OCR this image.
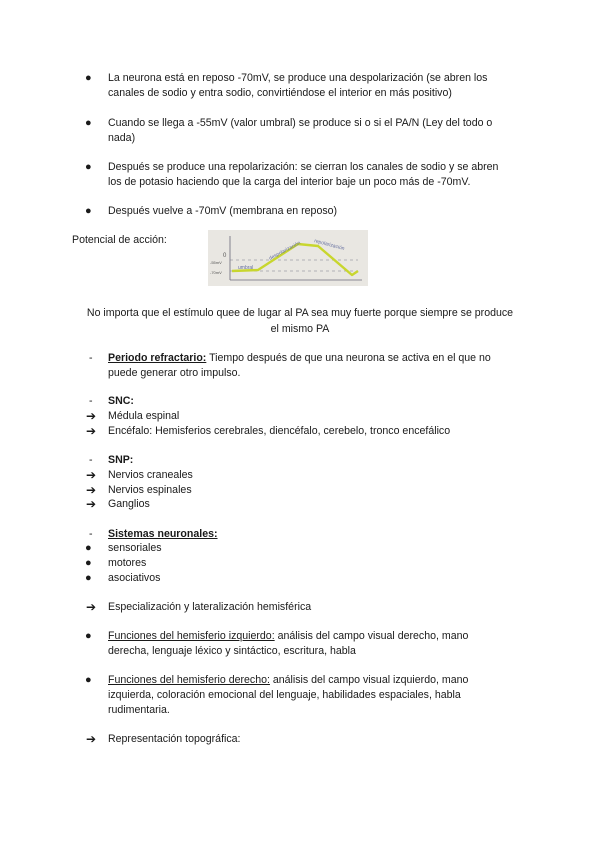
● La neurona está en reposo -70mV, se produce una despolarización (se abren los
canales de sodio y entra sodio, convirtiéndose el interior en más positivo)
● Cuando se llega a -55mV (valor umbral) se produce si o si el PA/N (Ley del todo o
nada)
● Después se produce una repolarización: se cierran los canales de sodio y se abren
los de potasio haciendo que la carga del interior baje un poco más de -70mV.
● Después vuelve a -70mV (membrana en reposo)
Potencial de acción:
0
-55mV
-70mV
despolarización repolarización
umbral
No importa que el estímulo quee de lugar al PA sea muy fuerte porque siempre se produce
el mismo PA
- Periodo refractario: Tiempo después de que una neurona se activa en el que no
puede generar otro impulso.
- SNC:
➔ Médula espinal
➔ Encéfalo: Hemisferios cerebrales, diencéfalo, cerebelo, tronco encefálico
- SNP:
➔ Nervios craneales
➔ Nervios espinales
➔ Ganglios
- Sistemas neuronales:
● sensoriales
● motores
● asociativos
➔ Especialización y lateralización hemisférica
● Funciones del hemisferio izquierdo: análisis del campo visual derecho, mano
derecha, lenguaje léxico y sintáctico, escritura, habla
● Funciones del hemisferio derecho: análisis del campo visual izquierdo, mano
izquierda, coloración emocional del lenguaje, habilidades espaciales, habla
rudimentaria.
➔ Representación topográfica:
